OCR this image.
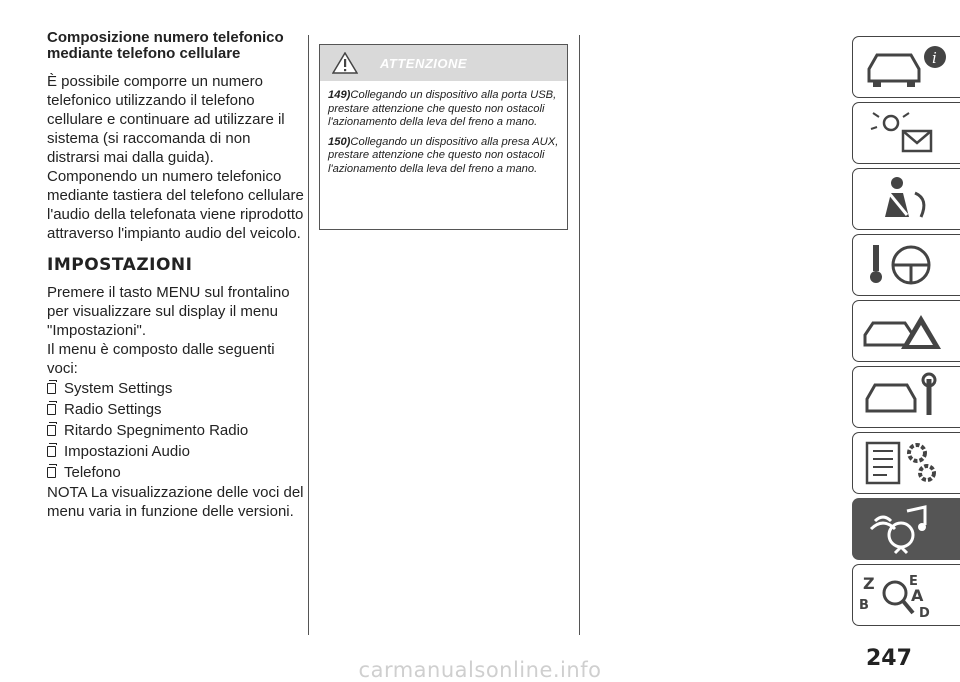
Composizione numero telefonico mediante telefono cellulare

È possibile comporre un numero telefonico utilizzando il telefono cellulare e continuare ad utilizzare il sistema (si raccomanda di non distrarsi mai dalla guida).

Componendo un numero telefonico mediante tastiera del telefono cellulare l'audio della telefonata viene riprodotto attraverso l'impianto audio del veicolo.

IMPOSTAZIONI

Premere il tasto MENU sul frontalino per visualizzare sul display il menu "Impostazioni".

Il menu è composto dalle seguenti voci:

System Settings
Radio Settings
Ritardo Spegnimento Radio
Impostazioni Audio
Telefono

NOTA La visualizzazione delle voci del menu varia in funzione delle versioni.

ATTENZIONE

149)Collegando un dispositivo alla porta USB, prestare attenzione che questo non ostacoli l'azionamento della leva del freno a mano.

150)Collegando un dispositivo alla presa AUX, prestare attenzione che questo non ostacoli l'azionamento della leva del freno a mano.

i
Z	E
B
A
D
247
carmanualsonline.info
